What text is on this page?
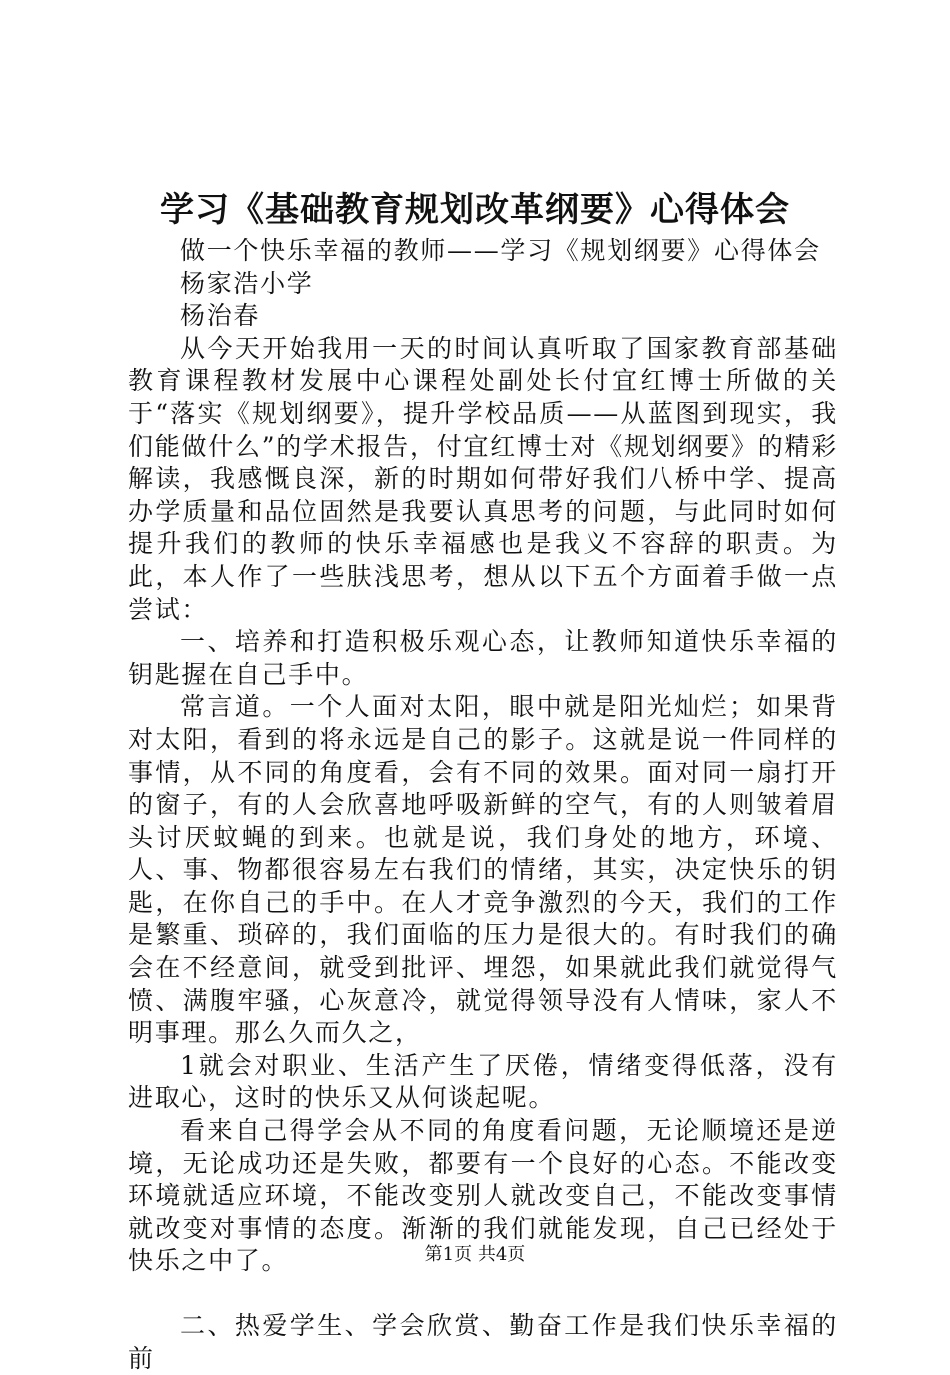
学习《基础教育规划改革纲要》心得体会

做一个快乐幸福的教师——学习《规划纲要》心得体会

杨家浩小学

杨治春

从今天开始我用一天的时间认真听取了国家教育部基础教育课程教材发展中心课程处副处长付宜红博士所做的关于“落实《规划纲要》，提升学校品质——从蓝图到现实，我们能做什么”的学术报告，付宜红博士对《规划纲要》的精彩解读，我感慨良深，新的时期如何带好我们八桥中学、提高办学质量和品位固然是我要认真思考的问题，与此同时如何提升我们的教师的快乐幸福感也是我义不容辞的职责。为此，本人作了一些肤浅思考，想从以下五个方面着手做一点尝试：

一、培养和打造积极乐观心态，让教师知道快乐幸福的钥匙握在自己手中。

常言道。一个人面对太阳，眼中就是阳光灿烂；如果背对太阳，看到的将永远是自己的影子。这就是说一件同样的事情，从不同的角度看，会有不同的效果。面对同一扇打开的窗子，有的人会欣喜地呼吸新鲜的空气，有的人则皱着眉头讨厌蚊蝇的到来。也就是说，我们身处的地方，环境、人、事、物都很容易左右我们的情绪，其实，决定快乐的钥匙，在你自己的手中。在人才竞争激烈的今天，我们的工作是繁重、琐碎的，我们面临的压力是很大的。有时我们的确会在不经意间，就受到批评、埋怨，如果就此我们就觉得气愤、满腹牢骚，心灰意冷，就觉得领导没有人情味，家人不明事理。那么久而久之，

1就会对职业、生活产生了厌倦，情绪变得低落，没有进取心，这时的快乐又从何谈起呢。

看来自己得学会从不同的角度看问题，无论顺境还是逆境，无论成功还是失败，都要有一个良好的心态。不能改变环境就适应环境，不能改变别人就改变自己，不能改变事情就改变对事情的态度。渐渐的我们就能发现，自己已经处于快乐之中了。

二、热爱学生、学会欣赏、勤奋工作是我们快乐幸福的前

第1页 共4页
